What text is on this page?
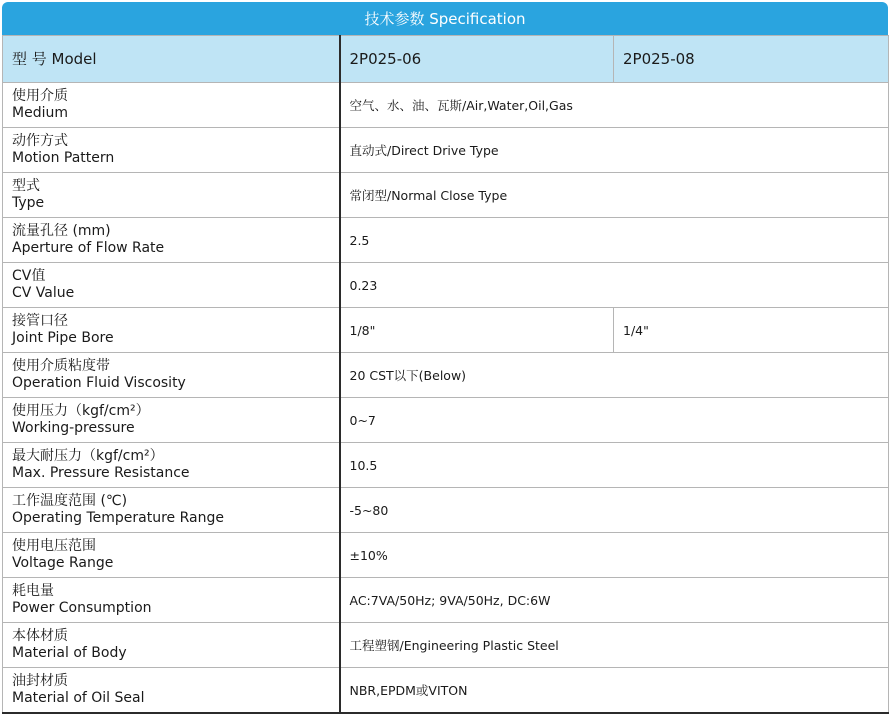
技术参数 Specification
型 号 Model	2P025-06	2P025-08

使用介质
Medium	空气、水、油、瓦斯/Air,Water,Oil,Gas	

动作方式
Motion Pattern	直动式/Direct Drive Type	

型式
Type	常闭型/Normal Close Type	

流量孔径 (mm)
Aperture of Flow Rate	2.5	

CV值
CV Value	0.23	

接管口径
Joint Pipe Bore	1/8"	1/4"

使用介质粘度带
Operation Fluid Viscosity	20 CST以下(Below)	

使用压力（kgf/cm²）
Working-pressure	0~7	

最大耐压力（kgf/cm²）
Max. Pressure Resistance	10.5	

工作温度范围 (℃)
Operating Temperature Range	-5~80	

使用电压范围
Voltage Range	±10%	

耗电量
Power Consumption	AC:7VA/50Hz; 9VA/50Hz, DC:6W	

本体材质
Material of Body	工程塑钢/Engineering Plastic Steel	

油封材质
Material of Oil Seal	NBR,EPDM或VITON	
